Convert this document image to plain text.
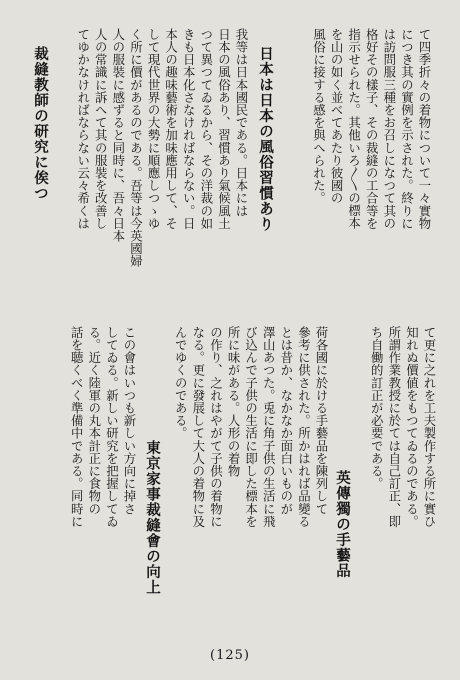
て四季折々の着物について一々實物
につき其の實例を示された。終りに
は訪問服三種をお召しになつて其の
格好その樣子、その裁縫の工合等を
指示せられた。其他いろ〳〵の標本
を山の如く並べてあたり彼國の
風俗に接する感を與へられた。
日本は日本の風俗習慣あり
我等は日本國民である。日本には
日本の風俗あり、習慣あり氣候風土
つて異つてゐるから、その洋裁の如
きも日本化さなければならない。日
本人の趣味藝術を加味應用して、そ
して現代世界の大勢に順應しつゝゆ
く所に價があるのである。吾等は今英國婦
人の服裝に感ずると同時に、吾々日本
人の常識に訴へて其の服裝を改善し
てゆかなければならない云々希くは
裁縫教師の研究に俟つ
て更に之れを工夫製作する所に實ひ
知れぬ價値をもつてゐるのである。
所謂作業教授に於ては自己訂正、即
ち自働的訂正が必要である。
英傳獨の手藝品
荷各國に於ける手藝品を陳列して
參考に供された。所かはれば品變る
とは昔か、なかなか面白いものが
澤山あつた。兎に角子供の生活に飛
び込んで子供の生活に即した標本を
所に味がある。人形の着物
の作り、之れはやがて子供の着物に
なる。更に發展して大人の着物に及
んでゆくのである。
東京家事裁縫會の向上
この會はいつも新しい方向に掉さ
してゐる。新しい研究を把握してゐ
る。近く陸軍の丸本計正に食物の
話を聴くべく準備中である。同時に
(125)
